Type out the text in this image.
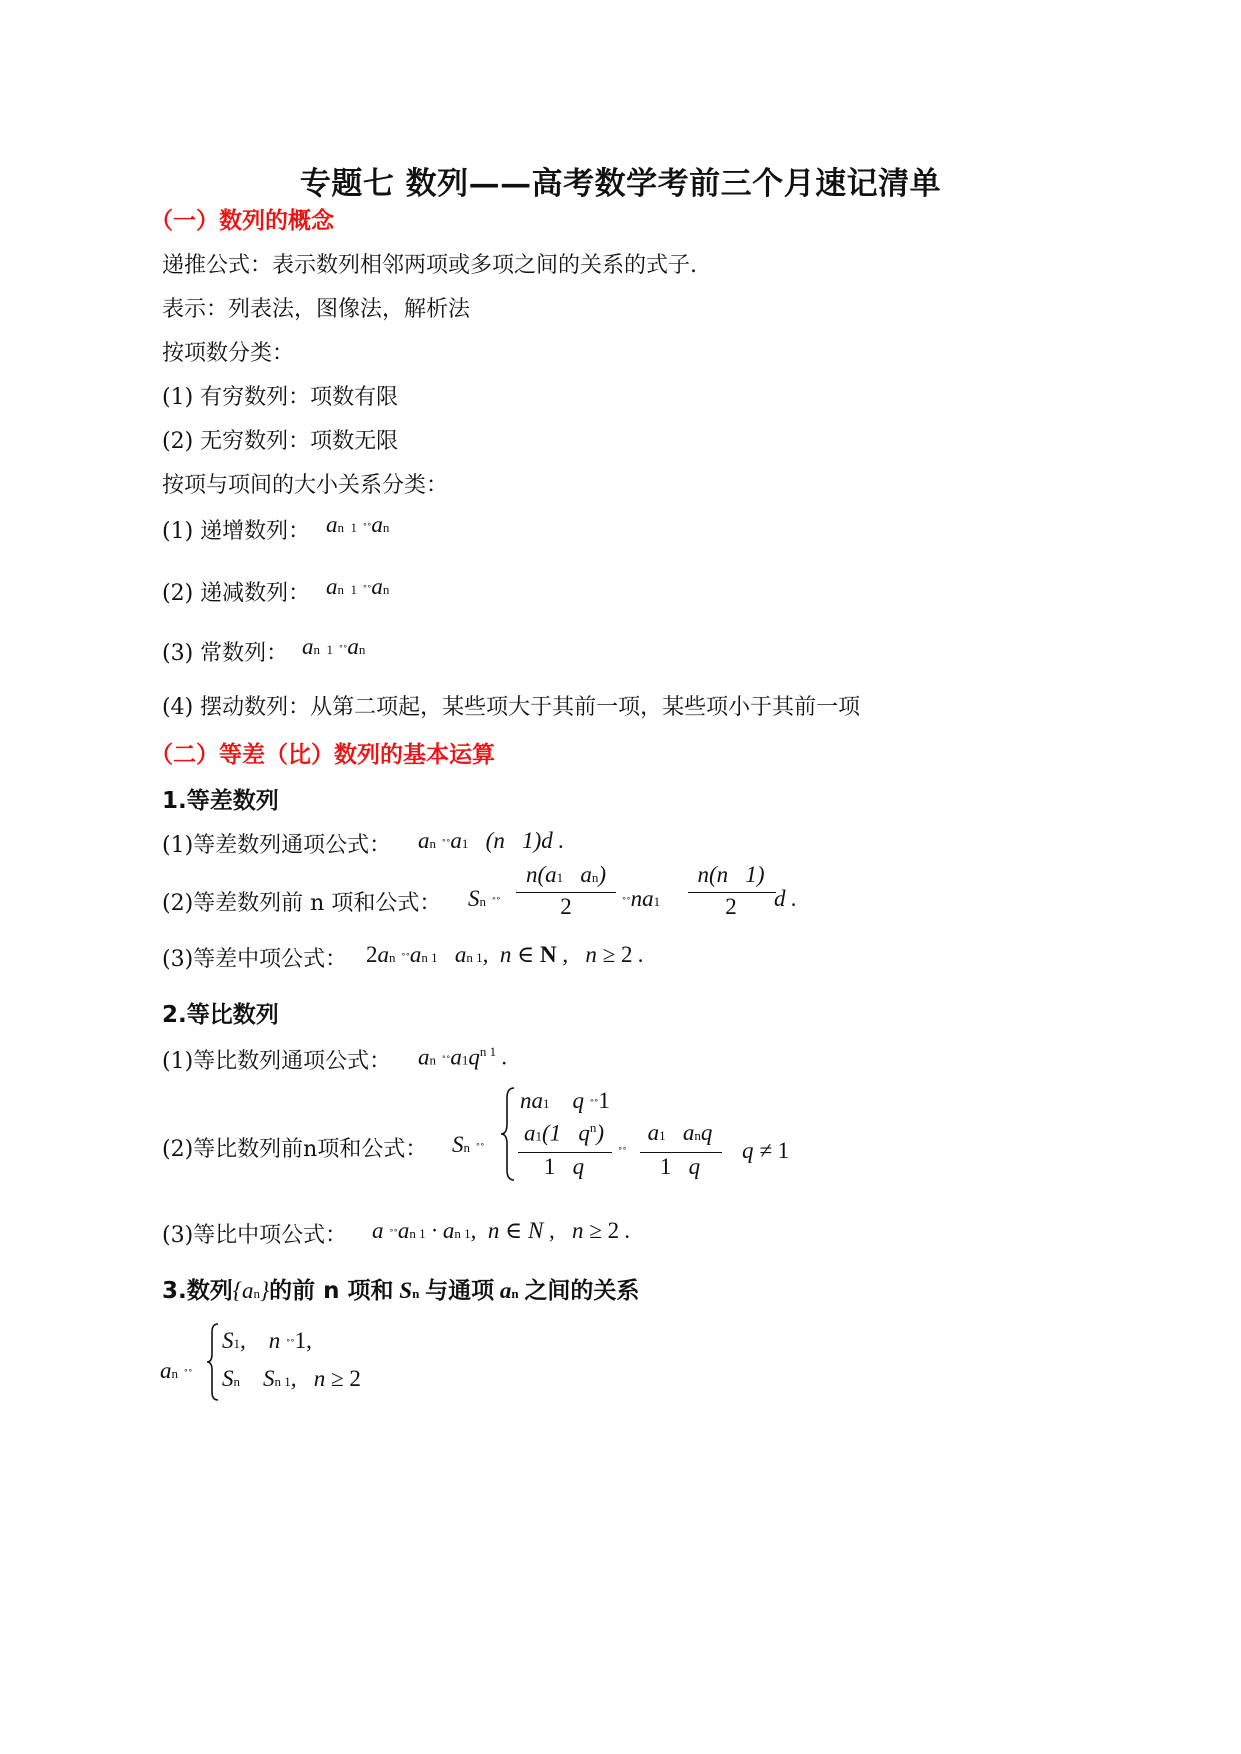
专题七 数列——高考数学考前三个月速记清单
（一）数列的概念
递推公式：表示数列相邻两项或多项之间的关系的式子.
表示：列表法，图像法，解析法
按项数分类：
(1) 有穷数列：项数有限
(2) 无穷数列：项数无限
按项与项间的大小关系分类：
(1) 递增数列： an  1 ˚˚an
(2) 递减数列： an  1 ˚˚an
(3) 常数列： an  1 ˚˚an
(4) 摆动数列：从第二项起，某些项大于其前一项，某些项小于其前一项
（二）等差（比）数列的基本运算
1.等差数列
(1)等差数列通项公式： an ˚˚a1   (n   1)d .
(2)等差数列前 n 项和公式： Sn ˚˚
n(a1   an)
2	˚˚na1
n(n   1)
2	d .
(3)等差中项公式： 2an ˚˚an 1   an 1,  n ∈ N ,   n ≥ 2 .
2.等比数列
(1)等比数列通项公式： an $˚˚a1q^{n 1}$ .
(2)等比数列前n项和公式： Sn ˚˚
na1    q ˚˚1
a1(1   $q^n$)
1   q
˚˚
a1   anq
1   q
q ≠ 1
(3)等比中项公式： a ˚˚an 1 · an 1,  n ∈ N ,   n ≥ 2 .
3.数列{an}的前 n 项和 Sn 与通项 an 之间的关系
an ˚˚
S1,    n ˚˚1,
Sn    Sn 1,   n ≥ 2
